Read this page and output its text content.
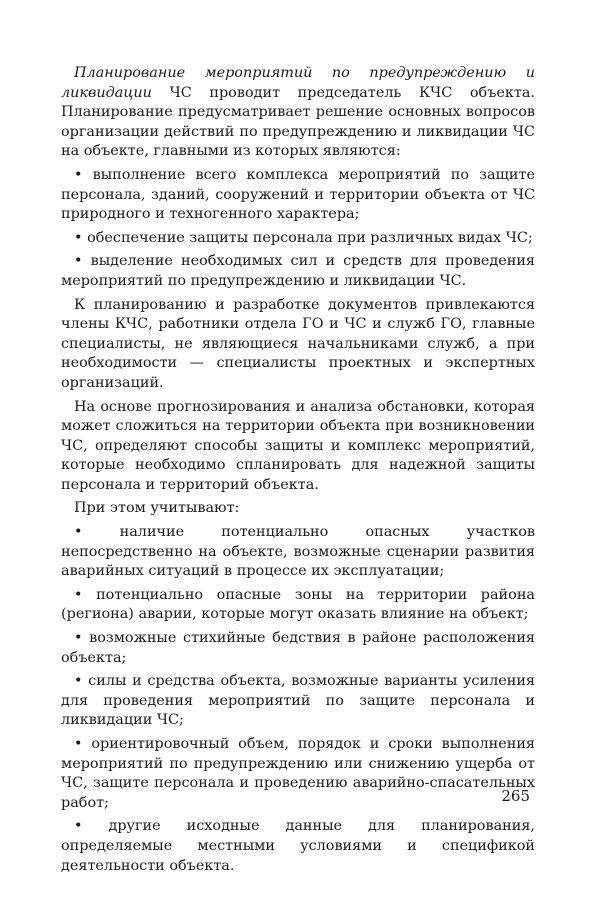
Планирование мероприятий по предупреждению и ликвидации ЧС проводит председатель КЧС объекта. Планирование предусматривает решение основных вопросов организации действий по предупреждению и ликвидации ЧС на объекте, главными из которых являются:

• выполнение всего комплекса мероприятий по защите персонала, зданий, сооружений и территории объекта от ЧС природного и техногенного характера;

• обеспечение защиты персонала при различных видах ЧС;

• выделение необходимых сил и средств для проведения мероприятий по предупреждению и ликвидации ЧС.

К планированию и разработке документов привлекаются члены КЧС, работники отдела ГО и ЧС и служб ГО, главные специалисты, не являющиеся начальниками служб, а при необходимости — специалисты проектных и экспертных организаций.

На основе прогнозирования и анализа обстановки, которая может сложиться на территории объекта при возникновении ЧС, определяют способы защиты и комплекс мероприятий, которые необходимо спланировать для надежной защиты персонала и территорий объекта.

При этом учитывают:

• наличие потенциально опасных участков непосредственно на объекте, возможные сценарии развития аварийных ситуаций в процессе их эксплуатации;

• потенциально опасные зоны на территории района (региона) аварии, которые могут оказать влияние на объект;

• возможные стихийные бедствия в районе расположения объекта;

• силы и средства объекта, возможные варианты усиления для проведения мероприятий по защите персонала и ликвидации ЧС;

• ориентировочный объем, порядок и сроки выполнения мероприятий по предупреждению или снижению ущерба от ЧС, защите персонала и проведению аварийно-спасательных работ;

• другие исходные данные для планирования, определяемые местными условиями и спецификой деятельности объекта.

265
